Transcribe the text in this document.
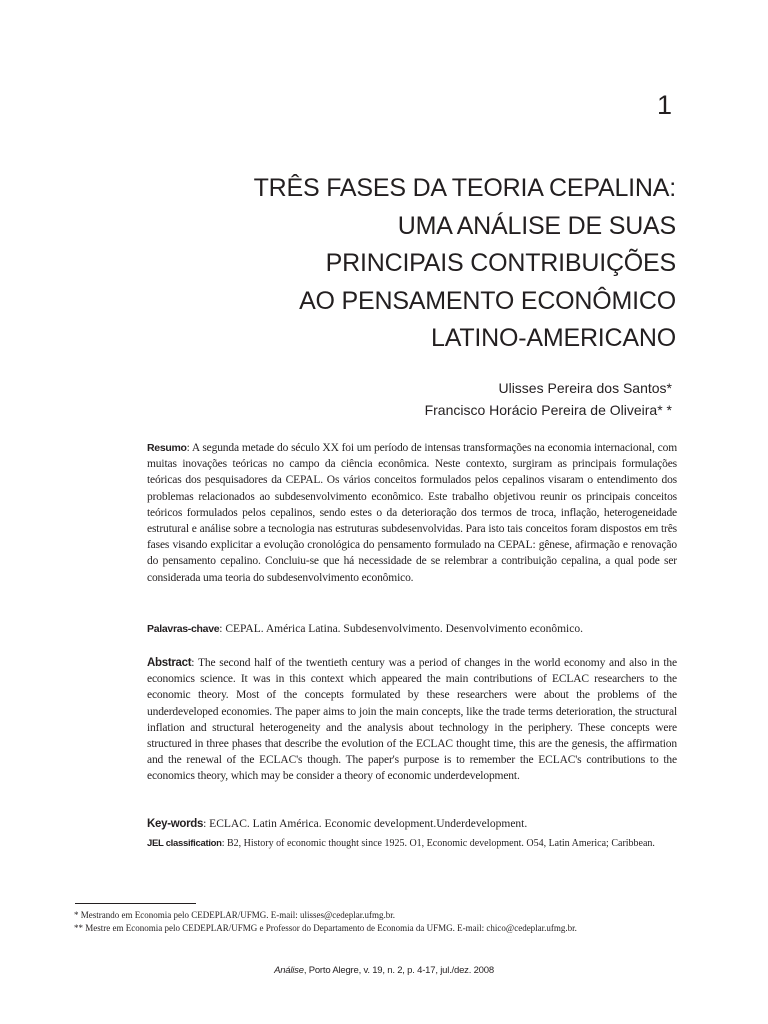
1
TRÊS FASES DA TEORIA CEPALINA:
UMA ANÁLISE DE SUAS
PRINCIPAIS CONTRIBUIÇÕES
AO PENSAMENTO ECONÔMICO
LATINO-AMERICANO
Ulisses Pereira dos Santos*
Francisco Horácio Pereira de Oliveira* *
Resumo: A segunda metade do século XX foi um período de intensas transformações na economia internacional, com muitas inovações teóricas no campo da ciência econômica. Neste contexto, surgiram as principais formulações teóricas dos pesquisadores da CEPAL. Os vários conceitos formulados pelos cepalinos visaram o entendimento dos problemas relacionados ao subdesenvolvimento econômico. Este trabalho objetivou reunir os principais conceitos teóricos formulados pelos cepalinos, sendo estes o da deterioração dos termos de troca, inflação, heterogeneidade estrutural e análise sobre a tecnologia nas estruturas subdesenvolvidas. Para isto tais conceitos foram dispostos em três fases visando explicitar a evolução cronológica do pensamento formulado na CEPAL: gênese, afirmação e renovação do pensamento cepalino. Concluiu-se que há necessidade de se relembrar a contribuição cepalina, a qual pode ser considerada uma teoria do subdesenvolvimento econômico.
Palavras-chave: CEPAL. América Latina. Subdesenvolvimento. Desenvolvimento econômico.
Abstract: The second half of the twentieth century was a period of changes in the world economy and also in the economics science. It was in this context which appeared the main contributions of ECLAC researchers to the economic theory. Most of the concepts formulated by these researchers were about the problems of the underdeveloped economies. The paper aims to join the main concepts, like the trade terms deterioration, the structural inflation and structural heterogeneity and the analysis about technology in the periphery. These concepts were structured in three phases that describe the evolution of the ECLAC thought time, this are the genesis, the affirmation and the renewal of the ECLAC's though. The paper's purpose is to remember the ECLAC's contributions to the economics theory, which may be consider a theory of economic underdevelopment.
Key-words: ECLAC. Latin América. Economic development.Underdevelopment.
JEL classification: B2, History of economic thought since 1925. O1, Economic development. O54, Latin America; Caribbean.
* Mestrando em Economia pelo CEDEPLAR/UFMG. E-mail: ulisses@cedeplar.ufmg.br.
** Mestre em Economia pelo CEDEPLAR/UFMG e Professor do Departamento de Economia da UFMG. E-mail: chico@cedeplar.ufmg.br.
Análise, Porto Alegre, v. 19, n. 2, p. 4-17, jul./dez. 2008
